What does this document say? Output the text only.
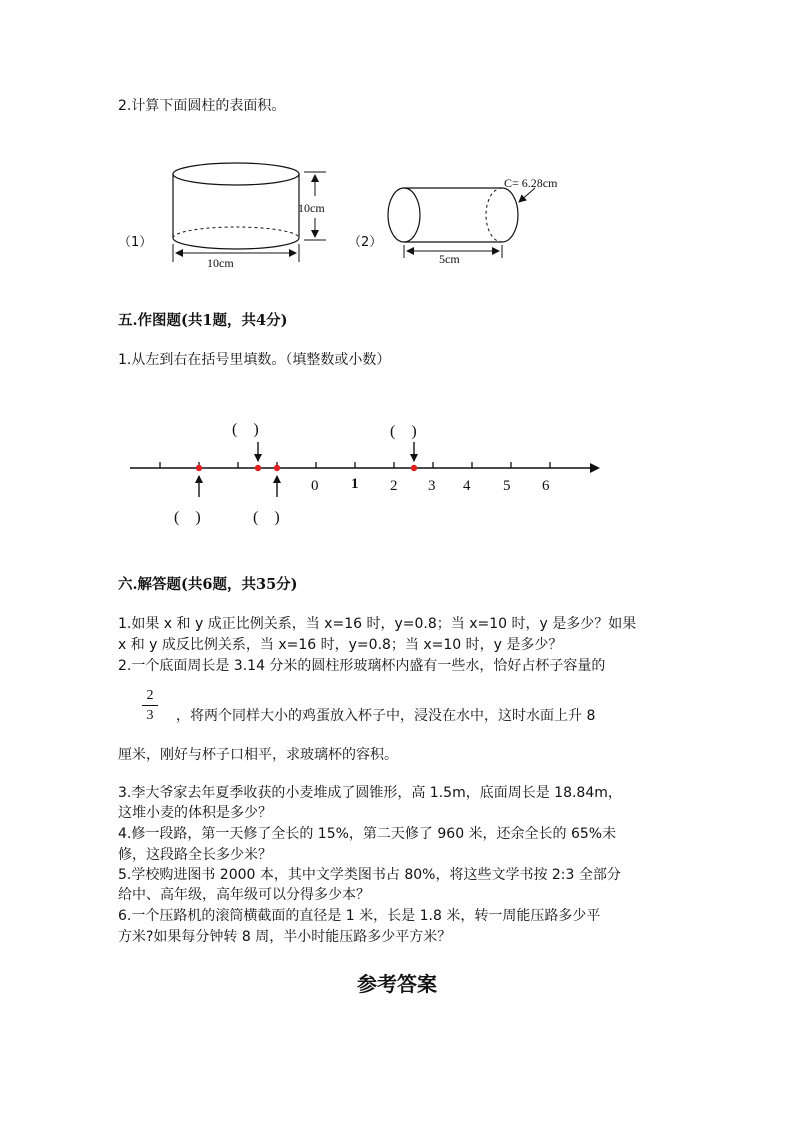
2.计算下面圆柱的表面积。
10cm
10cm
（1）
C= 6.28cm
5cm
（2）
五.作图题(共1题，共4分)
1.从左到右在括号里填数。（填整数或小数）
0 1 2 3 4 5 6
(    )	(    )
(    )	(    )
六.解答题(共6题，共35分)
1.如果 x 和 y 成正比例关系，当 x=16 时，y=0.8；当 x=10 时，y 是多少？如果
x 和 y 成反比例关系，当 x=16 时，y=0.8；当 x=10 时，y 是多少？
2.一个底面周长是 3.14 分米的圆柱形玻璃杯内盛有一些水，恰好占杯子容量的
2
3	，将两个同样大小的鸡蛋放入杯子中，浸没在水中，这时水面上升 8
厘米，刚好与杯子口相平，求玻璃杯的容积。
3.李大爷家去年夏季收获的小麦堆成了圆锥形，高 1.5m，底面周长是 18.84m，
这堆小麦的体积是多少？
4.修一段路，第一天修了全长的 15%，第二天修了 960 米，还余全长的 65%未
修，这段路全长多少米？
5.学校购进图书 2000 本，其中文学类图书占 80%，将这些文学书按 2:3 全部分
给中、高年级，高年级可以分得多少本？
6.一个压路机的滚筒横截面的直径是 1 米，长是 1.8 米，转一周能压路多少平
方米?如果每分钟转 8 周，半小时能压路多少平方米？
参考答案
